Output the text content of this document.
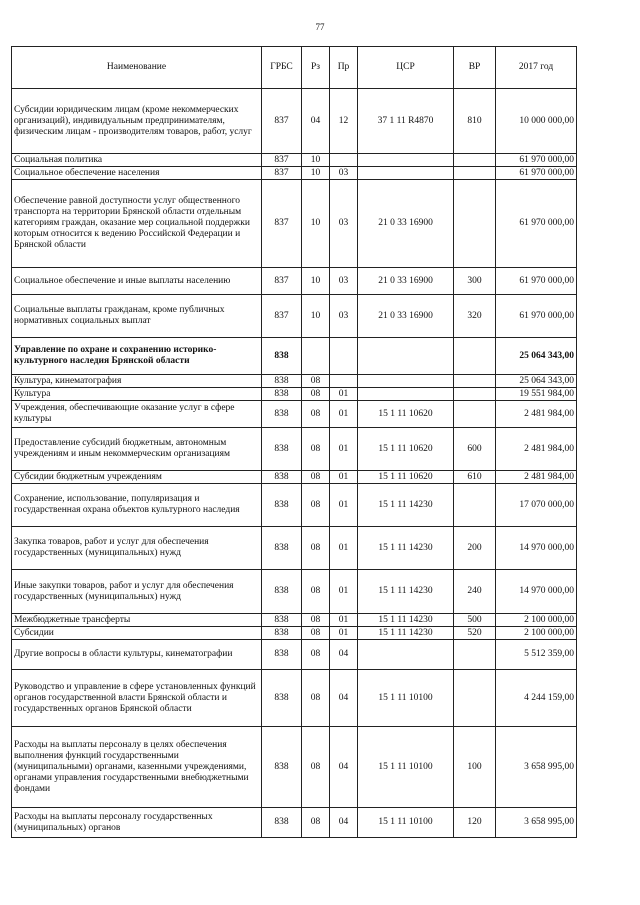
77
Наименование	ГРБС	Рз	Пр	ЦСР	ВР	2017 год
Субсидии юридическим лицам (кроме некоммерческих организаций), индивидуальным предпринимателям, физическим лицам - производителям товаров, работ, услуг	837	04	12	37 1 11 R4870	810	10 000 000,00
Социальная политика	837	10				61 970 000,00
Социальное обеспечение населения	837	10	03			61 970 000,00
Обеспечение равной доступности услуг общественного транспорта на территории Брянской области отдельным категориям граждан, оказание мер социальной поддержки которым относится к ведению Российской Федерации и Брянской области	837	10	03	21 0 33 16900		61 970 000,00
Социальное обеспечение и иные выплаты населению	837	10	03	21 0 33 16900	300	61 970 000,00
Социальные выплаты гражданам, кроме публичных нормативных социальных выплат	837	10	03	21 0 33 16900	320	61 970 000,00
Управление по охране и сохранению историко-культурного наследия Брянской области	838					25 064 343,00
Культура, кинематография	838	08				25 064 343,00
Культура	838	08	01			19 551 984,00
Учреждения, обеспечивающие оказание услуг в сфере культуры	838	08	01	15 1 11 10620		2 481 984,00
Предоставление субсидий бюджетным, автономным учреждениям и иным некоммерческим организациям	838	08	01	15 1 11 10620	600	2 481 984,00
Субсидии бюджетным учреждениям	838	08	01	15 1 11 10620	610	2 481 984,00
Сохранение, использование, популяризация и государственная охрана объектов культурного наследия	838	08	01	15 1 11 14230		17 070 000,00
Закупка товаров, работ и услуг для обеспечения государственных (муниципальных) нужд	838	08	01	15 1 11 14230	200	14 970 000,00
Иные закупки товаров, работ и услуг для обеспечения государственных (муниципальных) нужд	838	08	01	15 1 11 14230	240	14 970 000,00
Межбюджетные трансферты	838	08	01	15 1 11 14230	500	2 100 000,00
Субсидии	838	08	01	15 1 11 14230	520	2 100 000,00
Другие вопросы в области культуры, кинематографии	838	08	04			5 512 359,00
Руководство и управление в сфере установленных функций органов государственной власти Брянской области и государственных органов Брянской области	838	08	04	15 1 11 10100		4 244 159,00
Расходы на выплаты персоналу в целях обеспечения выполнения функций государственными (муниципальными) органами, казенными учреждениями, органами управления государственными внебюджетными фондами	838	08	04	15 1 11 10100	100	3 658 995,00
Расходы на выплаты персоналу государственных (муниципальных) органов	838	08	04	15 1 11 10100	120	3 658 995,00
